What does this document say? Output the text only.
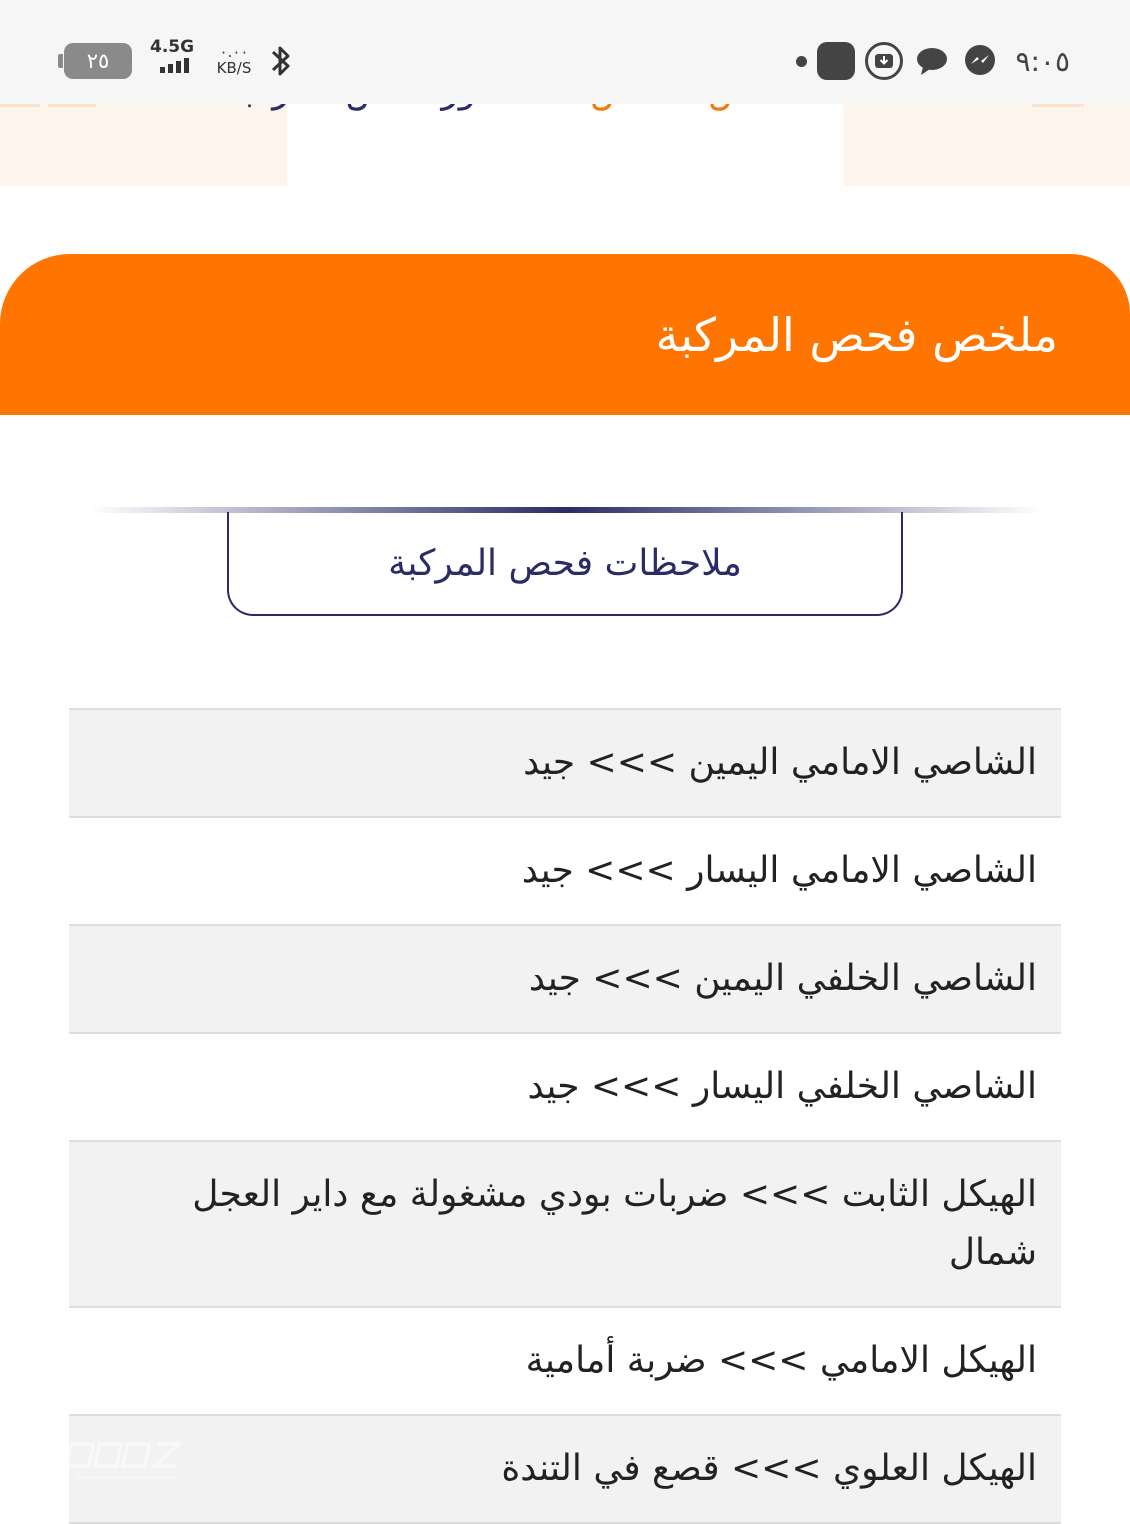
٢٥
4.5G	٠.٠٠
KB/S	٩:٠٥
ملخص فحص المركبة
ملاحظات فحص المركبة
الشاصي الامامي اليمين >>> جيد
الشاصي الامامي اليسار >>> جيد
الشاصي الخلفي اليمين >>> جيد
الشاصي الخلفي اليسار >>> جيد
الهيكل الثابت >>> ضربات بودي مشغولة مع داير العجل شمال
الهيكل الامامي >>> ضربة أمامية
الهيكل العلوي >>> قصع في التندة
